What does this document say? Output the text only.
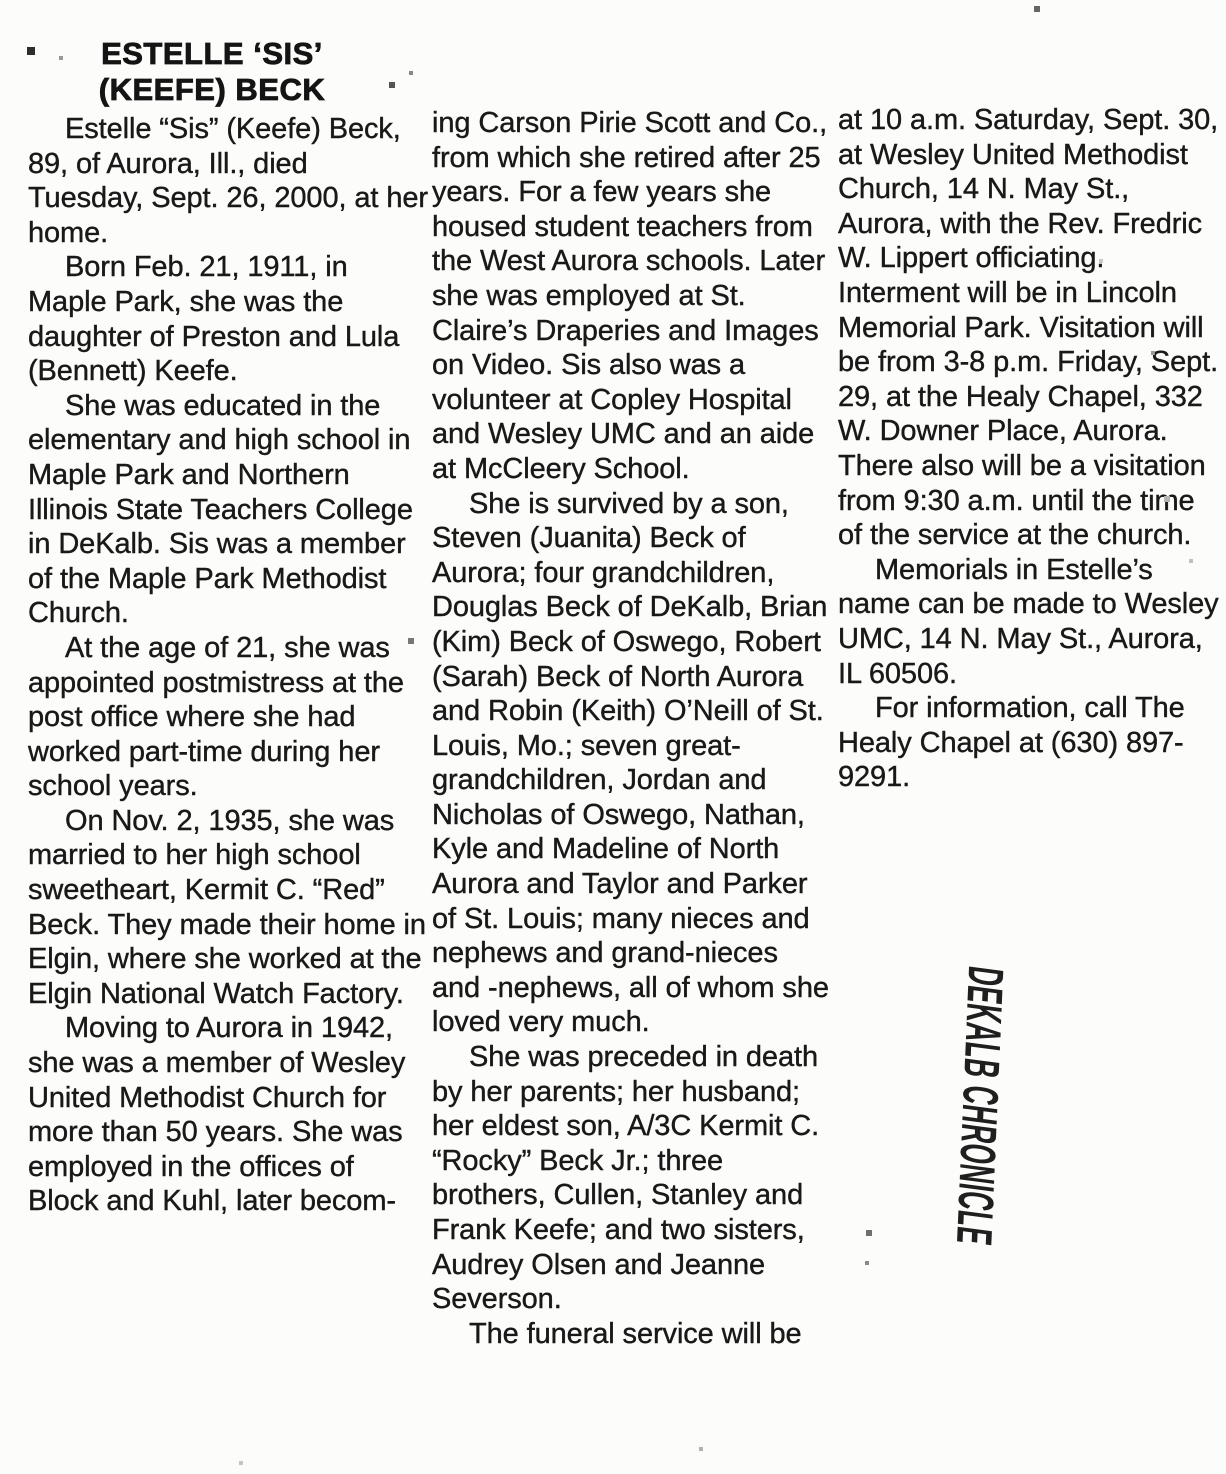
ESTELLE ‘SIS’
(KEEFE) BECK

Estelle “Sis” (Keefe) Beck, 89, of Aurora, Ill., died Tuesday, Sept. 26, 2000, at her home.

Born Feb. 21, 1911, in Maple Park, she was the daughter of Preston and Lula (Bennett) Keefe.

She was educated in the elementary and high school in Maple Park and Northern Illinois State Teachers College in DeKalb. Sis was a member of the Maple Park Methodist Church.

At the age of 21, she was appointed postmistress at the post office where she had worked part-time during her school years.

On Nov. 2, 1935, she was married to her high school sweetheart, Kermit C. “Red” Beck. They made their home in Elgin, where she worked at the Elgin National Watch Factory.

Moving to Aurora in 1942, she was a member of Wesley United Methodist Church for more than 50 years. She was employed in the offices of Block and Kuhl, later becom-

ing Carson Pirie Scott and Co., from which she retired after 25 years. For a few years she housed student teachers from the West Aurora schools. Later she was employed at St. Claire’s Draperies and Images on Video. Sis also was a volunteer at Copley Hospital and Wesley UMC and an aide at McCleery School.

She is survived by a son, Steven (Juanita) Beck of Aurora; four grandchildren, Douglas Beck of DeKalb, Brian (Kim) Beck of Oswego, Robert (Sarah) Beck of North Aurora and Robin (Keith) O’Neill of St. Louis, Mo.; seven great-grandchildren, Jordan and Nicholas of Oswego, Nathan, Kyle and Madeline of North Aurora and Taylor and Parker of St. Louis; many nieces and nephews and grand-nieces and -nephews, all of whom she loved very much.

She was preceded in death by her parents; her husband; her eldest son, A/3C Kermit C. “Rocky” Beck Jr.; three brothers, Cullen, Stanley and Frank Keefe; and two sisters, Audrey Olsen and Jeanne Severson.

The funeral service will be

at 10 a.m. Saturday, Sept. 30, at Wesley United Methodist Church, 14 N. May St., Aurora, with the Rev. Fredric W. Lippert officiating. Interment will be in Lincoln Memorial Park. Visitation will be from 3-8 p.m. Friday, Sept. 29, at the Healy Chapel, 332 W. Downer Place, Aurora. There also will be a visitation from 9:30 a.m. until the time of the service at the church.

Memorials in Estelle’s name can be made to Wesley UMC, 14 N. May St., Aurora, IL 60506.

For information, call The Healy Chapel at (630) 897-9291.

DEKALB CHRONICLE
